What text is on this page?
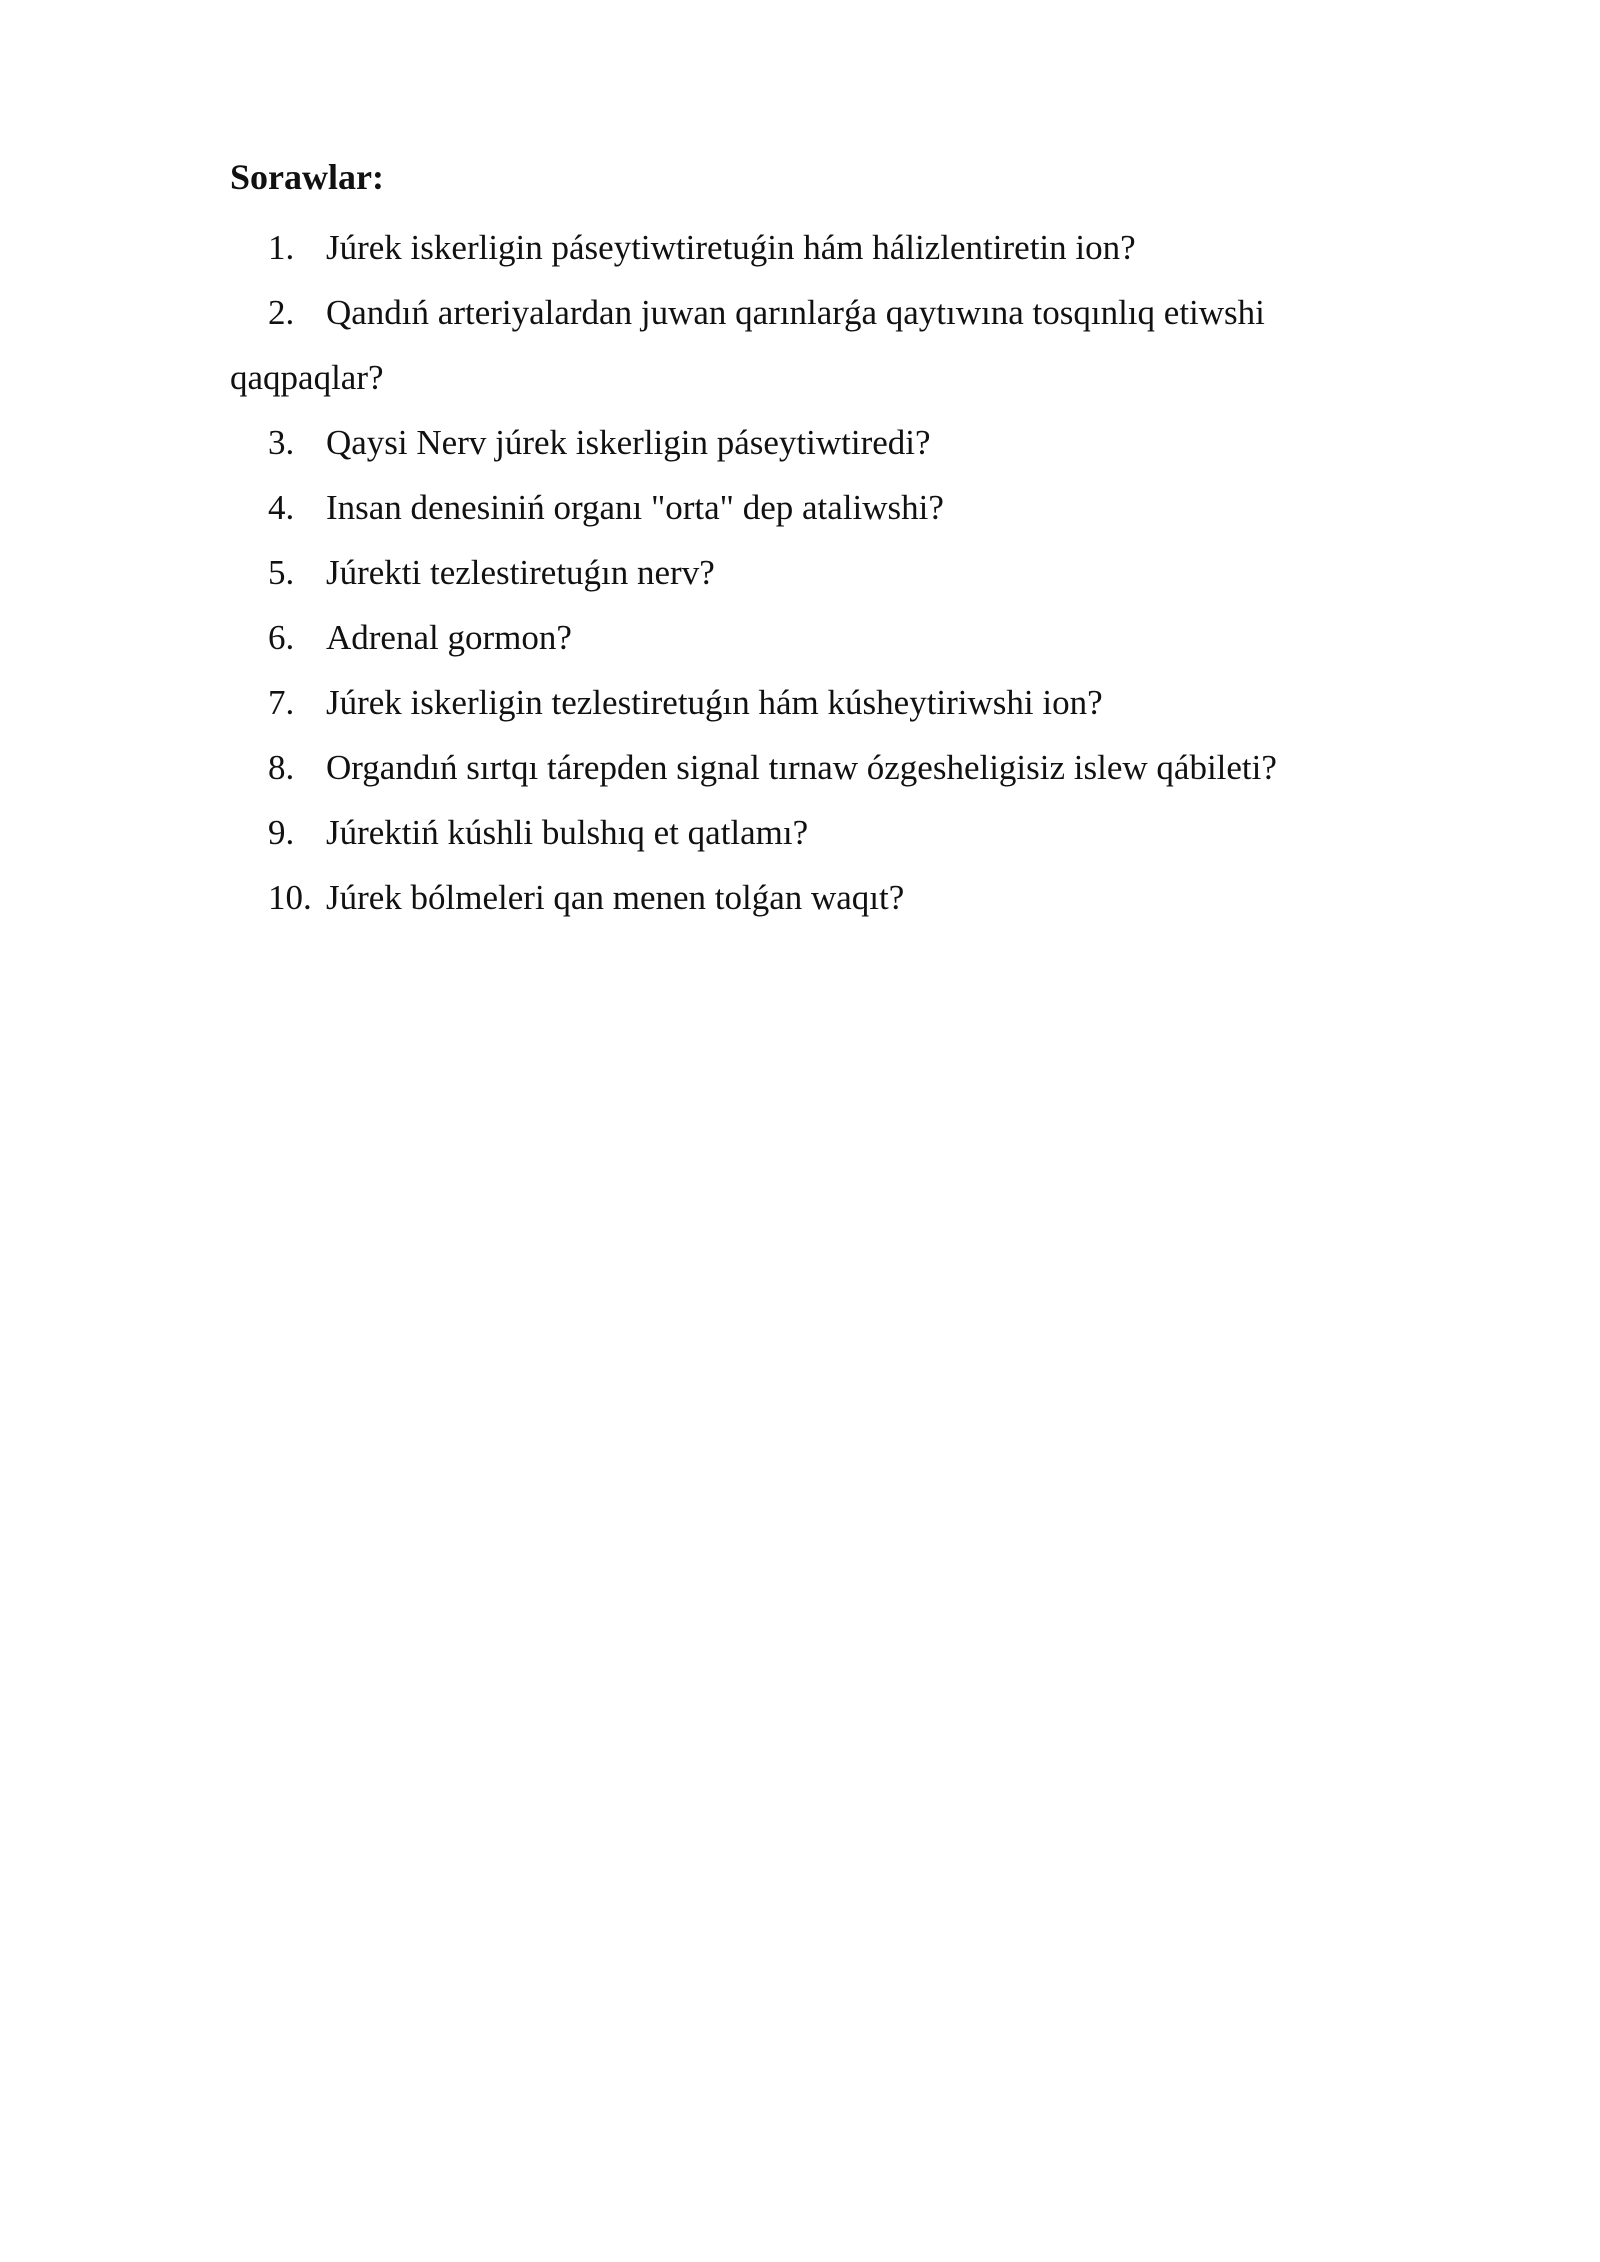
Sorawlar:
1. Júrek iskerligin páseytiwtiretuǵin hám hálizlentiretin ion?
2. Qandıń arteriyalardan juwan qarınlarǵa qaytıwına tosqınlıq etiwshi qaqpaqlar?
3. Qaysi Nerv júrek iskerligin páseytiwtiredi?
4. Insan denesiniń organı "orta" dep ataliwshi?
5. Júrekti tezlestiretuǵın nerv?
6. Adrenal gormon?
7. Júrek iskerligin tezlestiretuǵın hám kúsheytiriwshi ion?
8. Organdıń sırtqı tárepden signal tırnaw ózgesheligisiz islew qábileti?
9. Júrektiń kúshli bulshıq et qatlamı?
10. Júrek bólmeleri qan menen tolǵan waqıt?
